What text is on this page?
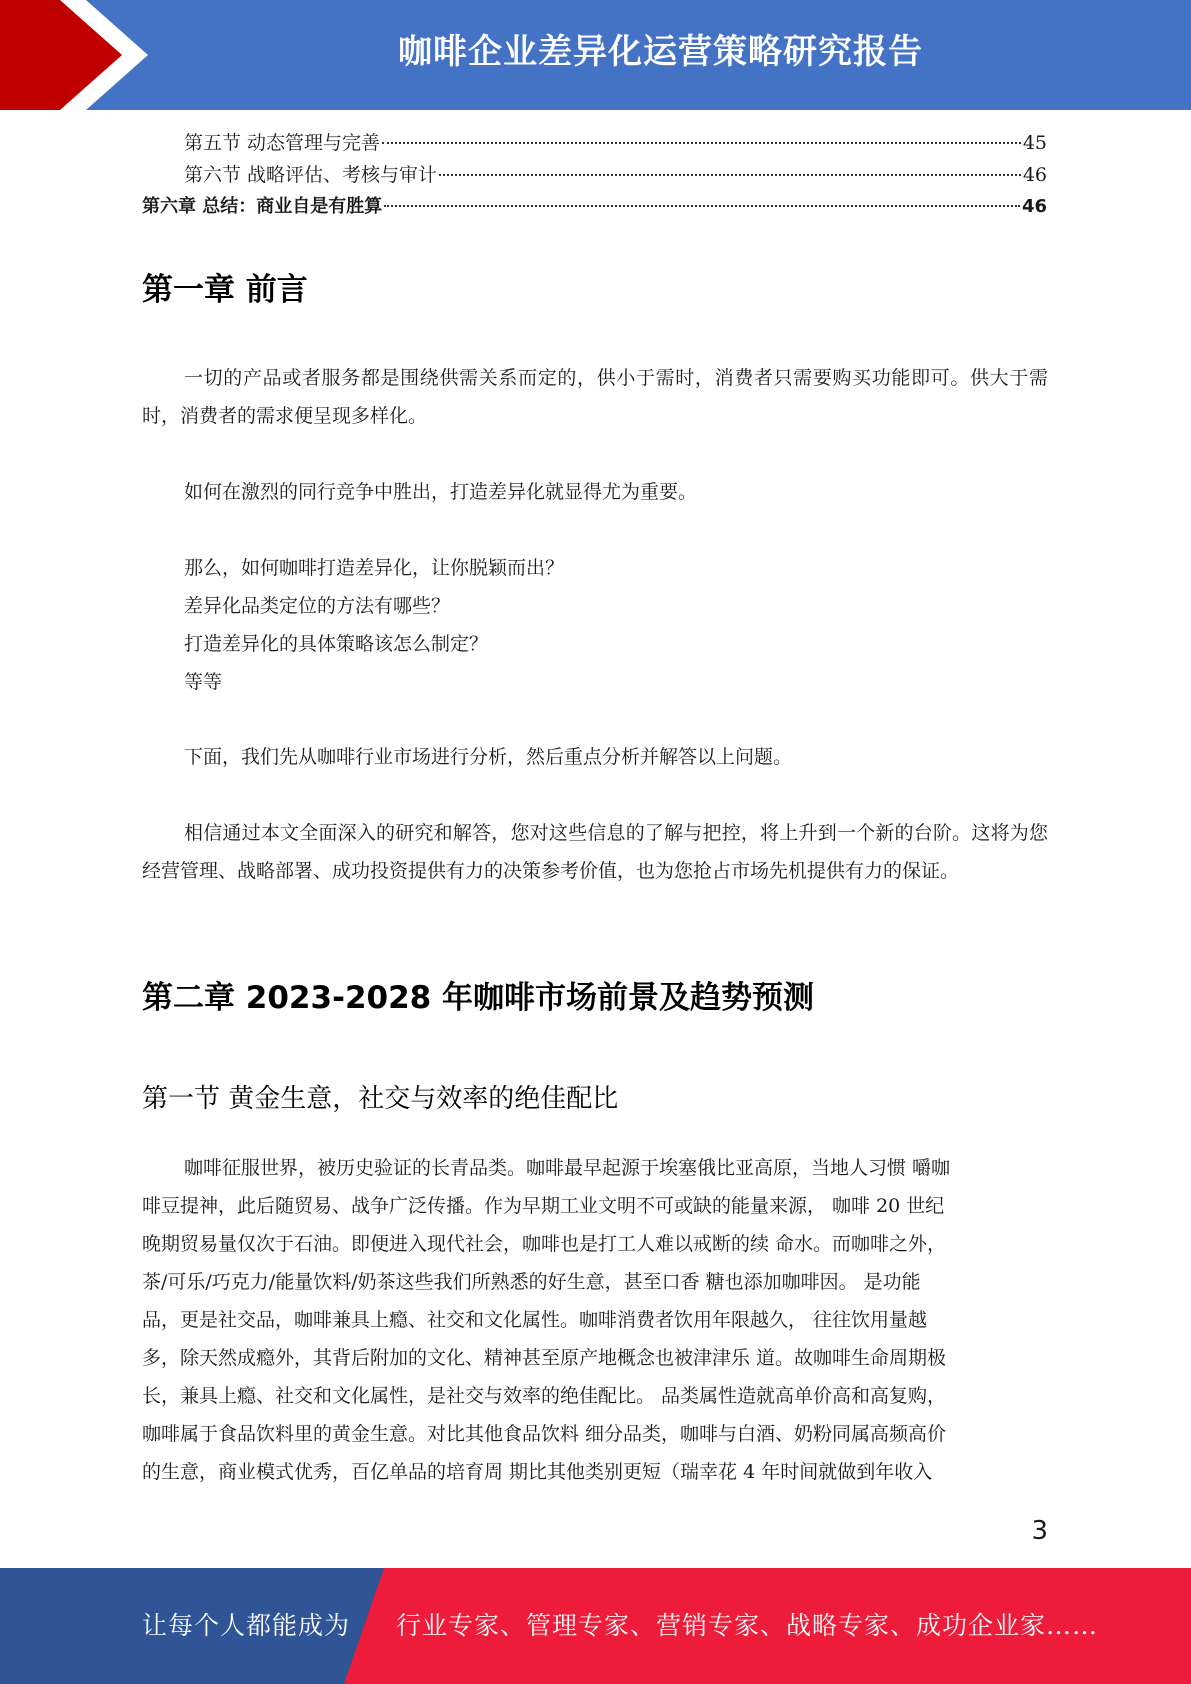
咖啡企业差异化运营策略研究报告
第五节 动态管理与完善	45
第六节 战略评估、考核与审计	46
第六章 总结：商业自是有胜算	46
第一章 前言
一切的产品或者服务都是围绕供需关系而定的，供小于需时，消费者只需要购买功能即可。供大于需时，消费者的需求便呈现多样化。
如何在激烈的同行竞争中胜出，打造差异化就显得尤为重要。
那么，如何咖啡打造差异化，让你脱颖而出？
差异化品类定位的方法有哪些？
打造差异化的具体策略该怎么制定？
等等
下面，我们先从咖啡行业市场进行分析，然后重点分析并解答以上问题。
相信通过本文全面深入的研究和解答，您对这些信息的了解与把控，将上升到一个新的台阶。这将为您经营管理、战略部署、成功投资提供有力的决策参考价值，也为您抢占市场先机提供有力的保证。
第二章 2023-2028 年咖啡市场前景及趋势预测
第一节 黄金生意，社交与效率的绝佳配比
咖啡征服世界，被历史验证的长青品类。咖啡最早起源于埃塞俄比亚高原，当地人习惯 嚼咖
啡豆提神，此后随贸易、战争广泛传播。作为早期工业文明不可或缺的能量来源， 咖啡 20 世纪
晚期贸易量仅次于石油。即便进入现代社会，咖啡也是打工人难以戒断的续 命水。而咖啡之外，
茶/可乐/巧克力/能量饮料/奶茶这些我们所熟悉的好生意，甚至口香 糖也添加咖啡因。 是功能
品，更是社交品，咖啡兼具上瘾、社交和文化属性。咖啡消费者饮用年限越久， 往往饮用量越
多，除天然成瘾外，其背后附加的文化、精神甚至原产地概念也被津津乐 道。故咖啡生命周期极
长，兼具上瘾、社交和文化属性，是社交与效率的绝佳配比。 品类属性造就高单价高和高复购，
咖啡属于食品饮料里的黄金生意。对比其他食品饮料 细分品类，咖啡与白酒、奶粉同属高频高价
的生意，商业模式优秀，百亿单品的培育周 期比其他类别更短（瑞幸花 4 年时间就做到年收入
3
让每个人都能成为 行业专家、管理专家、营销专家、战略专家、成功企业家……
